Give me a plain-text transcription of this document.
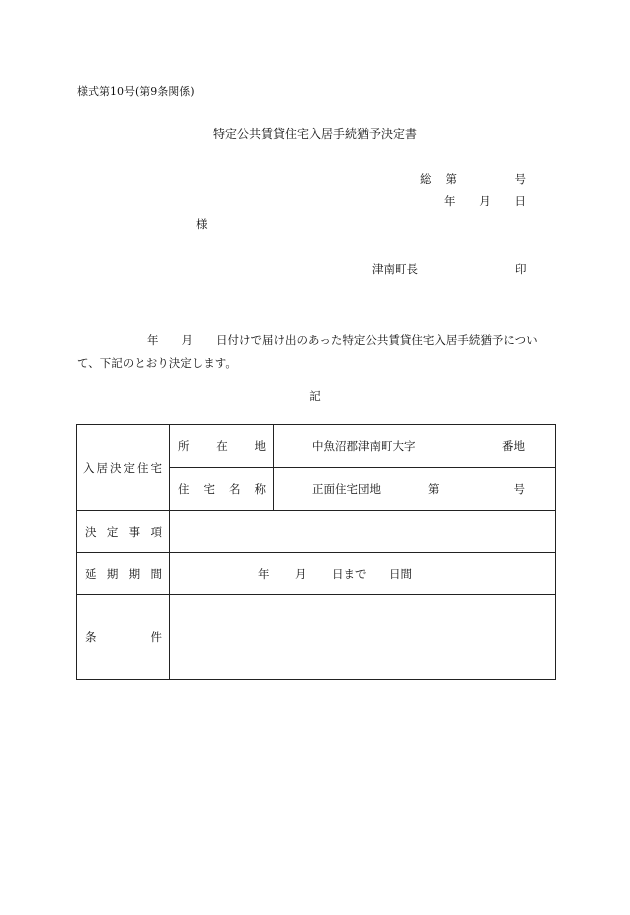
様式第10号(第9条関係)
特定公共賃貸住宅入居手続猶予決定書
総 第	号
年 月 日
様
津南町長	印
年　　月　　日付けで届け出のあった特定公共賃貸住宅入居手続猶予について、下記のとおり決定します。
記
入居決定住宅	所 在 地	中魚沼郡津南町大字 番地

	住 宅 名 称	正面住宅団地 第 号

決 定 事 項		

延 期 期 間	年 月 日まで 日間	

条 件		
